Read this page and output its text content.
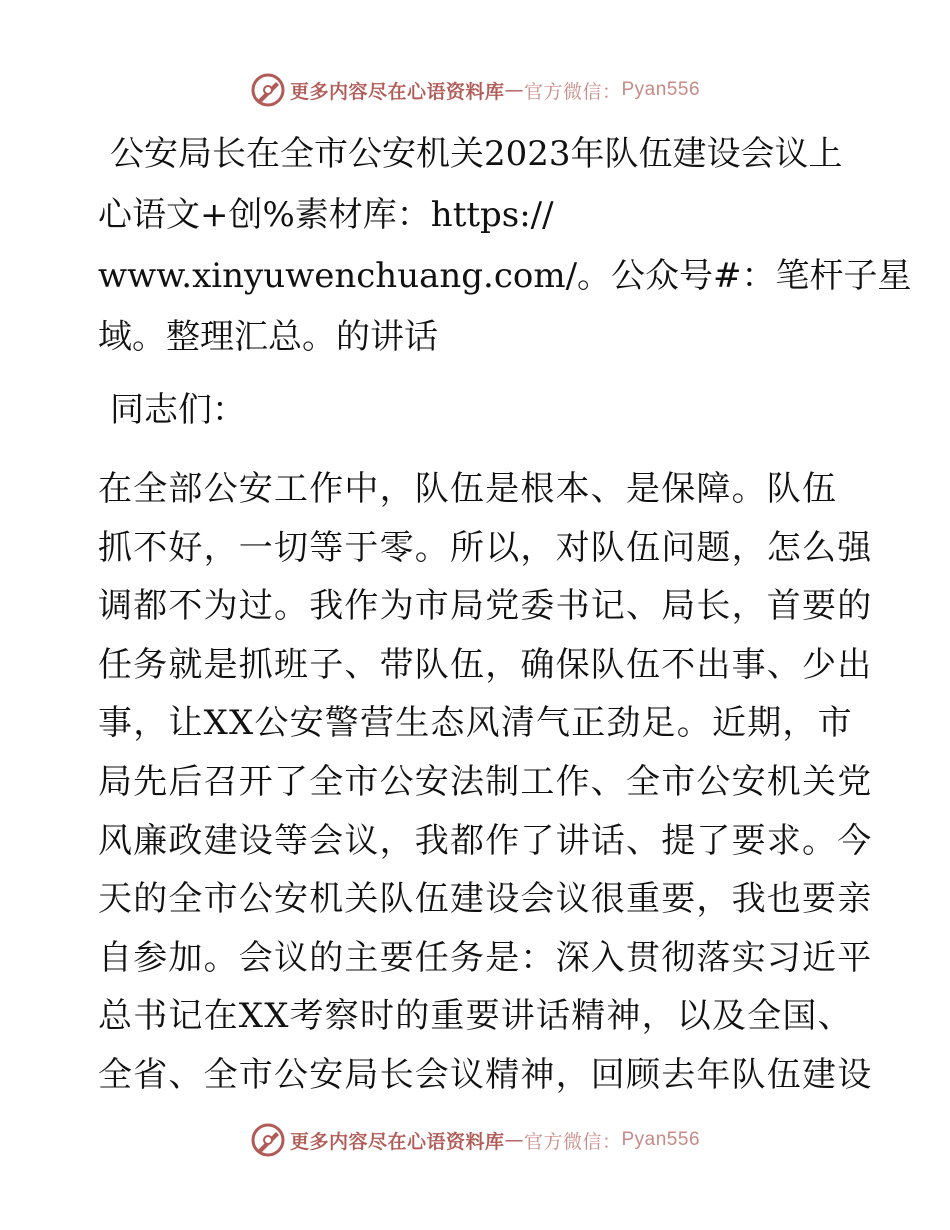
更多内容尽在心语资料库 — 官方微信： Pyan556
公安局长在全市公安机关2023年队伍建设会议上
心语文+创%素材库：https://
www.xinyuwenchuang.com/。公众号#：笔杆子星
域。整理汇总。的讲话

同志们：

在全部公安工作中，队伍是根本、是保障。队伍
抓不好，一切等于零。所以，对队伍问题，怎么强
调都不为过。我作为市局党委书记、局长，首要的
任务就是抓班子、带队伍，确保队伍不出事、少出
事，让XX公安警营生态风清气正劲足。近期，市
局先后召开了全市公安法制工作、全市公安机关党
风廉政建设等会议，我都作了讲话、提了要求。今
天的全市公安机关队伍建设会议很重要，我也要亲
自参加。会议的主要任务是：深入贯彻落实习近平
总书记在XX考察时的重要讲话精神，以及全国、
全省、全市公安局长会议精神，回顾去年队伍建设
更多内容尽在心语资料库 — 官方微信： Pyan556
